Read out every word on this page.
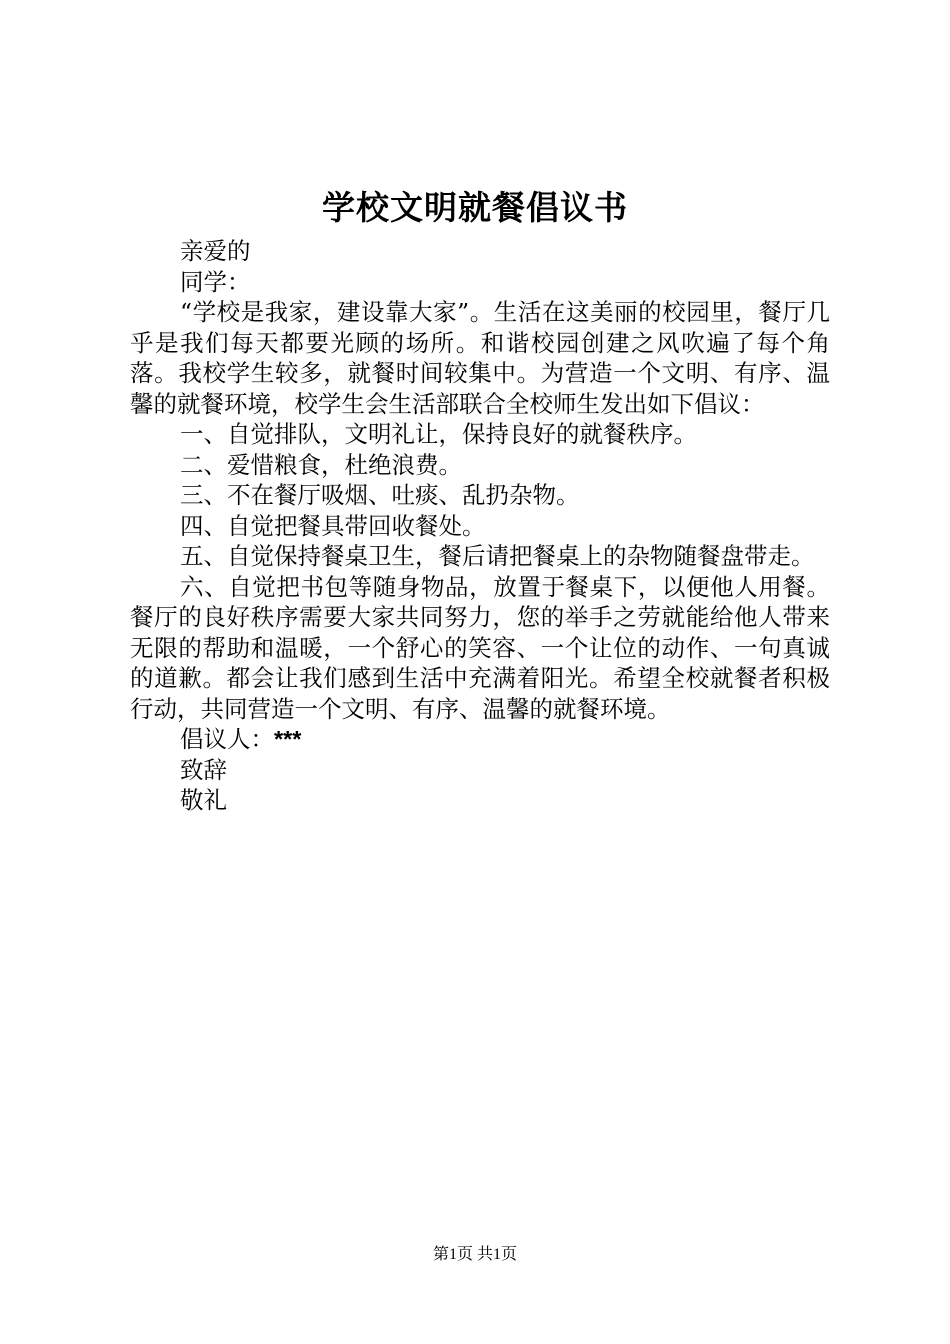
学校文明就餐倡议书

亲爱的

同学：

“学校是我家，建设靠大家”。生活在这美丽的校园里，餐厅几乎是我们每天都要光顾的场所。和谐校园创建之风吹遍了每个角落。我校学生较多，就餐时间较集中。为营造一个文明、有序、温馨的就餐环境，校学生会生活部联合全校师生发出如下倡议：

一、自觉排队，文明礼让，保持良好的就餐秩序。

二、爱惜粮食，杜绝浪费。

三、不在餐厅吸烟、吐痰、乱扔杂物。

四、自觉把餐具带回收餐处。

五、自觉保持餐桌卫生，餐后请把餐桌上的杂物随餐盘带走。

六、自觉把书包等随身物品，放置于餐桌下，以便他人用餐。餐厅的良好秩序需要大家共同努力，您的举手之劳就能给他人带来无限的帮助和温暖，一个舒心的笑容、一个让位的动作、一句真诚的道歉。都会让我们感到生活中充满着阳光。希望全校就餐者积极行动，共同营造一个文明、有序、温馨的就餐环境。

倡议人：***

致辞

敬礼

第1页 共1页
